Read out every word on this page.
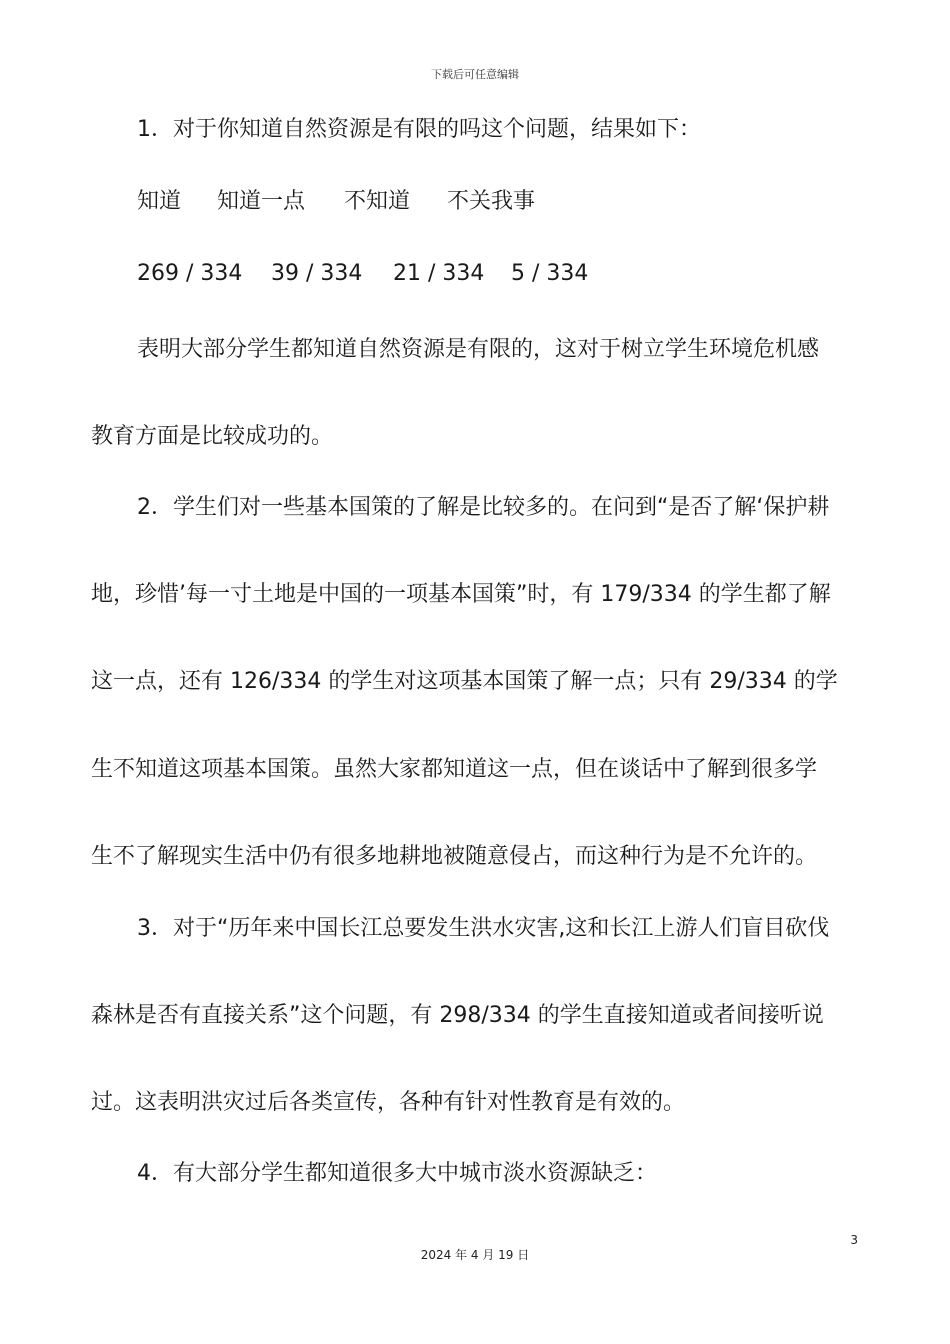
下载后可任意编辑
1．对于你知道自然资源是有限的吗这个问题，结果如下：
知道 知道一点 不知道 不关我事
269 / 334 39 / 334 21 / 334 5 / 334
表明大部分学生都知道自然资源是有限的，这对于树立学生环境危机感
教育方面是比较成功的。
2．学生们对一些基本国策的了解是比较多的。在问到“是否了解‘保护耕
地，珍惜’每一寸土地是中国的一项基本国策”时，有 179/334 的学生都了解
这一点，还有 126/334 的学生对这项基本国策了解一点；只有 29/334 的学
生不知道这项基本国策。虽然大家都知道这一点，但在谈话中了解到很多学
生不了解现实生活中仍有很多地耕地被随意侵占，而这种行为是不允许的。
3．对于“历年来中国长江总要发生洪水灾害,这和长江上游人们盲目砍伐
森林是否有直接关系”这个问题，有 298/334 的学生直接知道或者间接听说
过。这表明洪灾过后各类宣传，各种有针对性教育是有效的。
4．有大部分学生都知道很多大中城市淡水资源缺乏：
3
2024 年 4 月 19 日
